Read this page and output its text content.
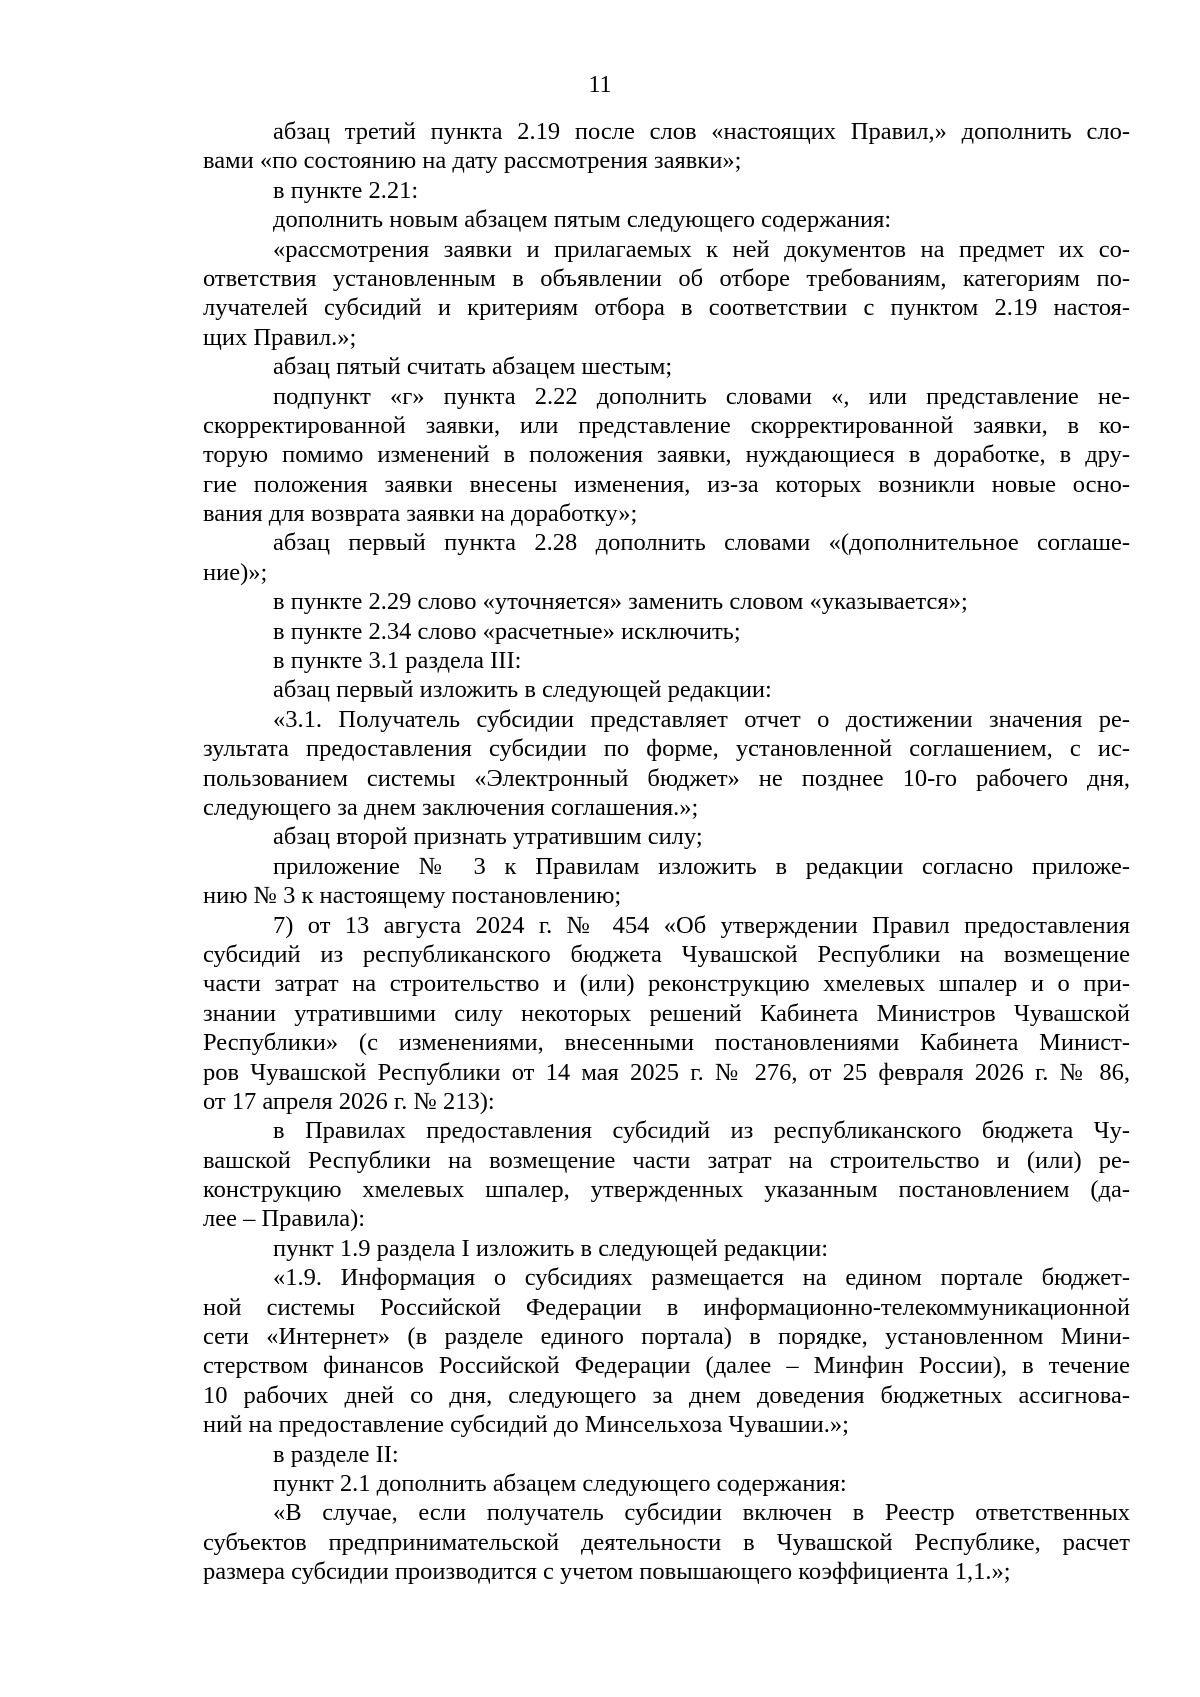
11
абзац третий пункта 2.19 после слов «настоящих Правил,» дополнить сло-
вами «по состоянию на дату рассмотрения заявки»;
в пункте 2.21:
дополнить новым абзацем пятым следующего содержания:
«рассмотрения заявки и прилагаемых к ней документов на предмет их со-
ответствия установленным в объявлении об отборе требованиям, категориям по-
лучателей субсидий и критериям отбора в соответствии с пунктом 2.19 настоя-
щих Правил.»;
абзац пятый считать абзацем шестым;
подпункт «г» пункта 2.22 дополнить словами «, или представление не-
скорректированной заявки, или представление скорректированной заявки, в ко-
торую помимо изменений в положения заявки, нуждающиеся в доработке, в дру-
гие положения заявки внесены изменения, из-за которых возникли новые осно-
вания для возврата заявки на доработку»;
абзац первый пункта 2.28 дополнить словами «(дополнительное соглаше-
ние)»;
в пункте 2.29 слово «уточняется» заменить словом «указывается»;
в пункте 2.34 слово «расчетные» исключить;
в пункте 3.1 раздела III:
абзац первый изложить в следующей редакции:
«3.1. Получатель субсидии представляет отчет о достижении значения ре-
зультата предоставления субсидии по форме, установленной соглашением, с ис-
пользованием системы «Электронный бюджет» не позднее 10-го рабочего дня,
следующего за днем заключения соглашения.»;
абзац второй признать утратившим силу;
приложение № 3 к Правилам изложить в редакции согласно приложе-
нию № 3 к настоящему постановлению;
7) от 13 августа 2024 г. № 454 «Об утверждении Правил предоставления
субсидий из республиканского бюджета Чувашской Республики на возмещение
части затрат на строительство и (или) реконструкцию хмелевых шпалер и о при-
знании утратившими силу некоторых решений Кабинета Министров Чувашской
Республики» (с изменениями, внесенными постановлениями Кабинета Минист-
ров Чувашской Республики от 14 мая 2025 г. № 276, от 25 февраля 2026 г. № 86,
от 17 апреля 2026 г. № 213):
в Правилах предоставления субсидий из республиканского бюджета Чу-
вашской Республики на возмещение части затрат на строительство и (или) ре-
конструкцию хмелевых шпалер, утвержденных указанным постановлением (да-
лее – Правила):
пункт 1.9 раздела I изложить в следующей редакции:
«1.9. Информация о субсидиях размещается на едином портале бюджет-
ной системы Российской Федерации в информационно-телекоммуникационной
сети «Интернет» (в разделе единого портала) в порядке, установленном Мини-
стерством финансов Российской Федерации (далее – Минфин России), в течение
10 рабочих дней со дня, следующего за днем доведения бюджетных ассигнова-
ний на предоставление субсидий до Минсельхоза Чувашии.»;
в разделе II:
пункт 2.1 дополнить абзацем следующего содержания:
«В случае, если получатель субсидии включен в Реестр ответственных
субъектов предпринимательской деятельности в Чувашской Республике, расчет
размера субсидии производится с учетом повышающего коэффициента 1,1.»;
